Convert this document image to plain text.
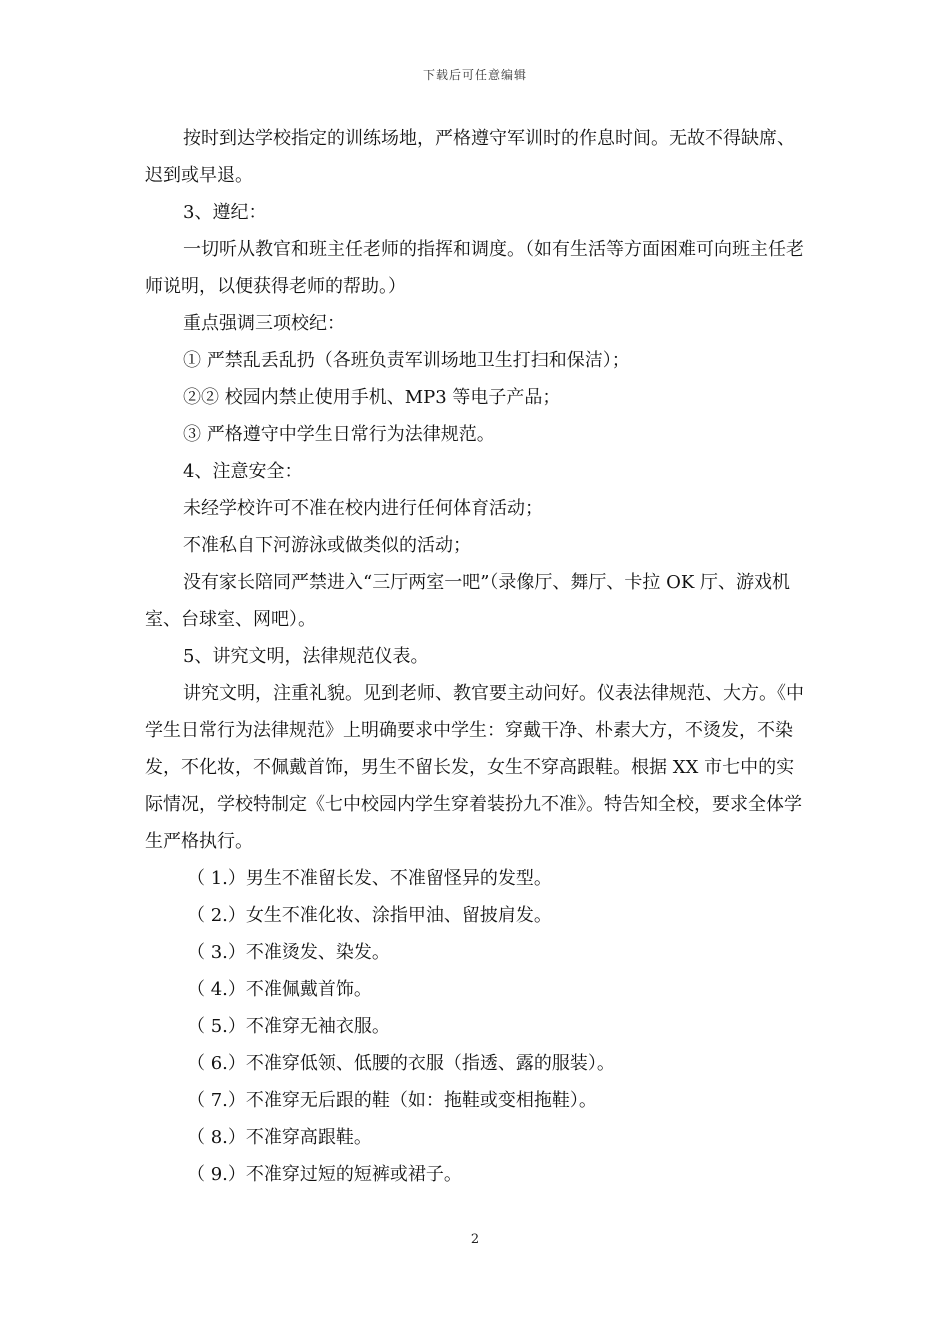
下载后可任意编辑

按时到达学校指定的训练场地，严格遵守军训时的作息时间。无故不得缺席、迟到或早退。

3、遵纪：

一切听从教官和班主任老师的指挥和调度。（如有生活等方面困难可向班主任老师说明，以便获得老师的帮助。）

重点强调三项校纪：

① 严禁乱丢乱扔（各班负责军训场地卫生打扫和保洁）；

②② 校园内禁止使用手机、MP3 等电子产品；

③ 严格遵守中学生日常行为法律规范。

4、注意安全：

未经学校许可不准在校内进行任何体育活动；

不准私自下河游泳或做类似的活动；

没有家长陪同严禁进入“三厅两室一吧”（录像厅、舞厅、卡拉 OK 厅、游戏机室、台球室、网吧）。

5、讲究文明，法律规范仪表。

讲究文明，注重礼貌。见到老师、教官要主动问好。仪表法律规范、大方。《中学生日常行为法律规范》上明确要求中学生：穿戴干净、朴素大方，不烫发，不染发，不化妆，不佩戴首饰，男生不留长发，女生不穿高跟鞋。根据 XX 市七中的实际情况，学校特制定《七中校园内学生穿着装扮九不准》。特告知全校，要求全体学生严格执行。

（ 1.）男生不准留长发、不准留怪异的发型。

（ 2.）女生不准化妆、涂指甲油、留披肩发。

（ 3.）不准烫发、染发。

（ 4.）不准佩戴首饰。

（ 5.）不准穿无袖衣服。

（ 6.）不准穿低领、低腰的衣服（指透、露的服装）。

（ 7.）不准穿无后跟的鞋（如：拖鞋或变相拖鞋）。

（ 8.）不准穿高跟鞋。

（ 9.）不准穿过短的短裤或裙子。

2
